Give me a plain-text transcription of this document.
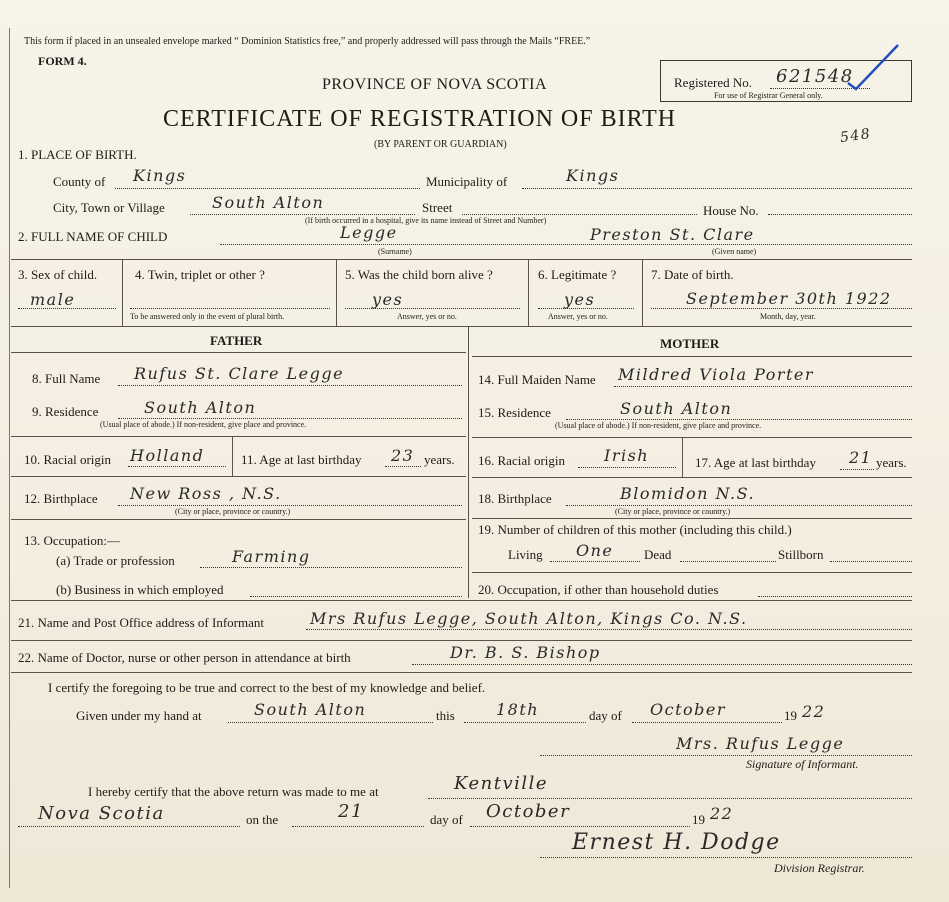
This form if placed in an unsealed envelope marked “ Dominion Statistics free,” and properly addressed will pass through the Mails “FREE.”
FORM 4.
PROVINCE OF NOVA SCOTIA
CERTIFICATE OF REGISTRATION OF BIRTH
(BY PARENT OR GUARDIAN)
Registered No. 621548
For use of Registrar General only.
548
1. PLACE OF BIRTH.
County of Kings	Municipality of	Kings
City, Town or Village	South Alton	Street
(If birth occurred in a hospital, give its name instead of Street and Number)
House No.
2. FULL NAME OF CHILD	Legge
(Surname)
Preston St. Clare
(Given name)
3. Sex of child.
male
4. Twin, triplet or other ?
To be answered only in the event of plural birth.
5. Was the child born alive ?
yes
Answer, yes or no.
6. Legitimate ?
yes
Answer, yes or no.
7. Date of birth.
September 30th 1922
Month, day, year.
FATHER	MOTHER
8. Full Name Rufus St. Clare Legge
9. Residence	South Alton
(Usual place of abode.) If non-resident, give place and province.
10. Racial origin Holland	11. Age at last birthday 23 years.
12. Birthplace New Ross , N.S.
(City or place, province or country.)
13. Occupation:—
(a) Trade or profession	Farming
(b) Business in which employed
14. Full Maiden Name Mildred Viola Porter
15. Residence	South Alton
(Usual place of abode.) If non-resident, give place and province.
16. Racial origin Irish	17. Age at last birthday 21 years.
18. Birthplace	Blomidon N.S.
(City or place, province or country.)
19. Number of children of this mother (including this child.)
Living One Dead	Stillborn
20. Occupation, if other than household duties
21. Name and Post Office address of Informant	Mrs Rufus Legge, South Alton, Kings Co. N.S.
22. Name of Doctor, nurse or other person in attendance at birth	Dr. B. S. Bishop
I certify the foregoing to be true and correct to the best of my knowledge and belief.
Given under my hand at	South Alton	this	18th	day of October	19 22
Mrs. Rufus Legge
Signature of Informant.
I hereby certify that the above return was made to me at	Kentville
Nova Scotia	on the	21	day of October	19 22
Ernest H. Dodge
Division Registrar.
